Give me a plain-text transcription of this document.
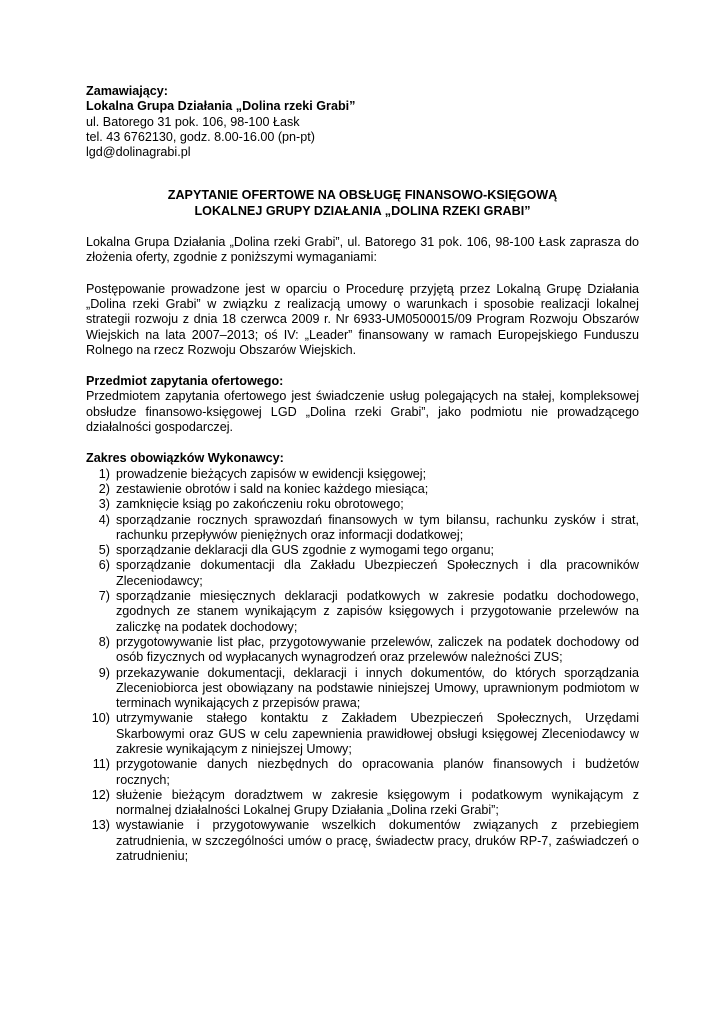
Zamawiający:
Lokalna Grupa Działania „Dolina rzeki Grabi”
ul. Batorego 31 pok. 106, 98-100 Łask
tel. 43 6762130, godz. 8.00-16.00 (pn-pt)
lgd@dolinagrabi.pl
ZAPYTANIE OFERTOWE NA OBSŁUGĘ FINANSOWO-KSIĘGOWĄ
LOKALNEJ GRUPY DZIAŁANIA „DOLINA RZEKI GRABI”
Lokalna Grupa Działania „Dolina rzeki Grabi”, ul. Batorego 31 pok. 106, 98-100 Łask zaprasza do złożenia oferty, zgodnie z poniższymi wymaganiami:
Postępowanie prowadzone jest w oparciu o Procedurę przyjętą przez Lokalną Grupę Działania „Dolina rzeki Grabi” w związku z realizacją umowy o warunkach i sposobie realizacji lokalnej strategii rozwoju z dnia 18 czerwca 2009 r. Nr 6933-UM0500015/09 Program Rozwoju Obszarów Wiejskich na lata 2007–2013; oś IV: „Leader” finansowany w ramach Europejskiego Funduszu Rolnego na rzecz Rozwoju Obszarów Wiejskich.
Przedmiot zapytania ofertowego:
Przedmiotem zapytania ofertowego jest świadczenie usług polegających na stałej, kompleksowej obsłudze finansowo-księgowej LGD „Dolina rzeki Grabi”, jako podmiotu nie prowadzącego działalności gospodarczej.
Zakres obowiązków Wykonawcy:
1) prowadzenie bieżących zapisów w ewidencji księgowej;
2) zestawienie obrotów i sald na koniec każdego miesiąca;
3) zamknięcie ksiąg po zakończeniu roku obrotowego;
4) sporządzanie rocznych sprawozdań finansowych w tym bilansu, rachunku zysków i strat, rachunku przepływów pieniężnych oraz informacji dodatkowej;
5) sporządzanie deklaracji dla GUS zgodnie z wymogami tego organu;
6) sporządzanie dokumentacji dla Zakładu Ubezpieczeń Społecznych i dla pracowników Zleceniodawcy;
7) sporządzanie miesięcznych deklaracji podatkowych w zakresie podatku dochodowego, zgodnych ze stanem wynikającym z zapisów księgowych i przygotowanie przelewów na zaliczkę na podatek dochodowy;
8) przygotowywanie list płac, przygotowywanie przelewów, zaliczek na podatek dochodowy od osób fizycznych od wypłacanych wynagrodzeń oraz przelewów należności ZUS;
9) przekazywanie dokumentacji, deklaracji i innych dokumentów, do których sporządzania Zleceniobiorca jest obowiązany na podstawie niniejszej Umowy, uprawnionym podmiotom w terminach wynikających z przepisów prawa;
10) utrzymywanie stałego kontaktu z Zakładem Ubezpieczeń Społecznych, Urzędami Skarbowymi oraz GUS w celu zapewnienia prawidłowej obsługi księgowej Zleceniodawcy w zakresie wynikającym z niniejszej Umowy;
11) przygotowanie danych niezbędnych do opracowania planów finansowych i budżetów rocznych;
12) służenie bieżącym doradztwem w zakresie księgowym i podatkowym wynikającym z normalnej działalności Lokalnej Grupy Działania „Dolina rzeki Grabi”;
13) wystawianie i przygotowywanie wszelkich dokumentów związanych z przebiegiem zatrudnienia, w szczególności umów o pracę, świadectw pracy, druków RP-7, zaświadczeń o zatrudnieniu;
